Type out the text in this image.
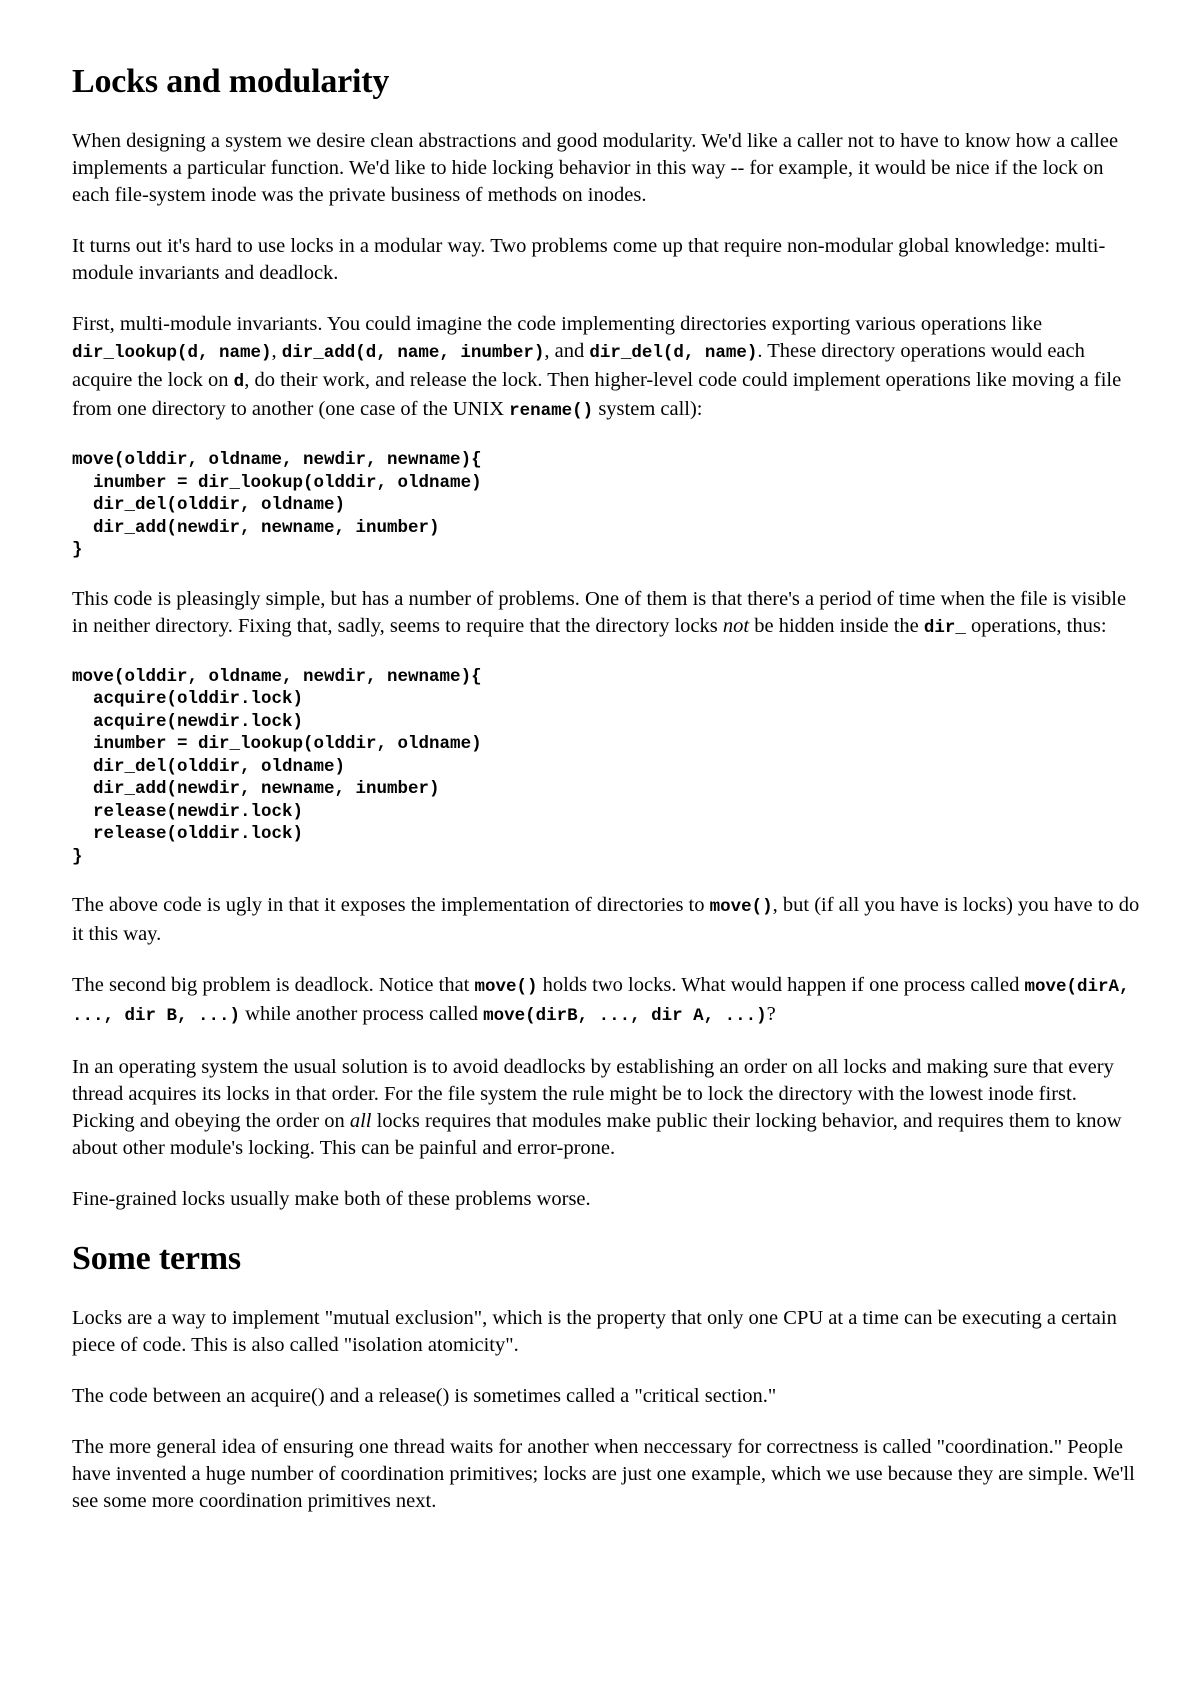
Locks and modularity

When designing a system we desire clean abstractions and good modularity. We'd like a caller not to have to know how a callee implements a particular function. We'd like to hide locking behavior in this way -- for example, it would be nice if the lock on each file-system inode was the private business of methods on inodes.

It turns out it's hard to use locks in a modular way. Two problems come up that require non-modular global knowledge: multi-module invariants and deadlock.

First, multi-module invariants. You could imagine the code implementing directories exporting various operations like dir_lookup(d, name), dir_add(d, name, inumber), and dir_del(d, name). These directory operations would each acquire the lock on d, do their work, and release the lock. Then higher-level code could implement operations like moving a file from one directory to another (one case of the UNIX rename() system call):

move(olddir, oldname, newdir, newname){
inumber = dir_lookup(olddir, oldname)
dir_del(olddir, oldname)
dir_add(newdir, newname, inumber)
}

This code is pleasingly simple, but has a number of problems. One of them is that there's a period of time when the file is visible in neither directory. Fixing that, sadly, seems to require that the directory locks not be hidden inside the dir_ operations, thus:

move(olddir, oldname, newdir, newname){
acquire(olddir.lock)
acquire(newdir.lock)
inumber = dir_lookup(olddir, oldname)
dir_del(olddir, oldname)
dir_add(newdir, newname, inumber)
release(newdir.lock)
release(olddir.lock)
}

The above code is ugly in that it exposes the implementation of directories to move(), but (if all you have is locks) you have to do it this way.

The second big problem is deadlock. Notice that move() holds two locks. What would happen if one process called move(dirA, ..., dir B, ...) while another process called move(dirB, ..., dir A, ...)?

In an operating system the usual solution is to avoid deadlocks by establishing an order on all locks and making sure that every thread acquires its locks in that order. For the file system the rule might be to lock the directory with the lowest inode first. Picking and obeying the order on all locks requires that modules make public their locking behavior, and requires them to know about other module's locking. This can be painful and error-prone.

Fine-grained locks usually make both of these problems worse.

Some terms

Locks are a way to implement "mutual exclusion", which is the property that only one CPU at a time can be executing a certain piece of code. This is also called "isolation atomicity".

The code between an acquire() and a release() is sometimes called a "critical section."

The more general idea of ensuring one thread waits for another when neccessary for correctness is called "coordination." People have invented a huge number of coordination primitives; locks are just one example, which we use because they are simple. We'll see some more coordination primitives next.
